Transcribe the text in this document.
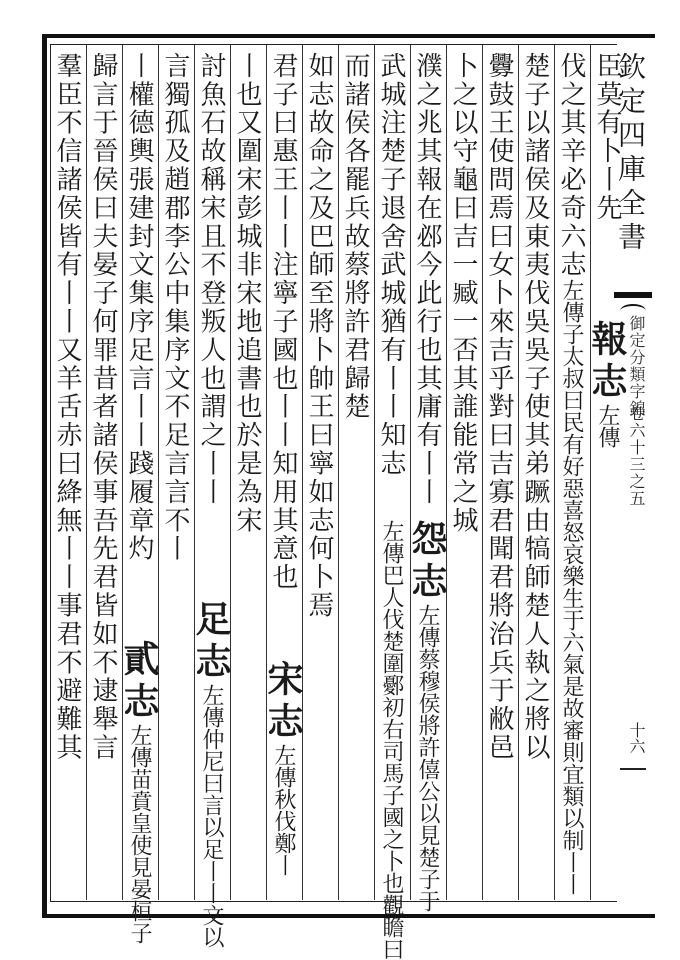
欽定四庫全書
御定分類字錦
卷六十三之五
十六
臣莫有卜丨先
伐之其辛必奇六志左傳子太叔曰民有好惡喜怒哀樂生于六氣是故審則宜類以制丨丨
楚子以諸侯及東夷伐吳吳子使其弟蹶由犒師楚人執之將以
釁鼓王使問焉曰女卜來吉乎對曰吉寡君聞君將治兵于敝邑
卜之以守龜曰吉一臧一否其誰能常之城
濮之兆其報在邲今此行也其庸有丨丨
武城注楚子退舍武城猶有丨丨知志
而諸侯各罷兵故蔡將許君歸楚
如志故命之及巴師至將卜帥王曰寧如志何卜焉
君子曰惠王丨丨注寧子國也丨丨知用其意也
丨也又圍宋彭城非宋地追書也於是為宋
討魚石故稱宋且不登叛人也謂之丨丨
言獨孤及趙郡李公中集序文不足言言不丨
丨權德輿張建封文集序足言丨丨踐履章灼
歸言于晉侯曰夫晏子何罪昔者諸侯事吾先君皆如不逮舉言
羣臣不信諸侯皆有丨丨又羊舌赤曰絳無丨丨事君不避難其	報志左傳
怨志左傳蔡穆侯將許僖公以見楚子于
左傳巴人伐楚圍鄾初右司馬子國之卜也觀瞻曰
宋志左傳秋伐鄭丨
足志左傳仲尼曰言以足丨丨文以
貳志左傳苗賁皇使見晏桓子
